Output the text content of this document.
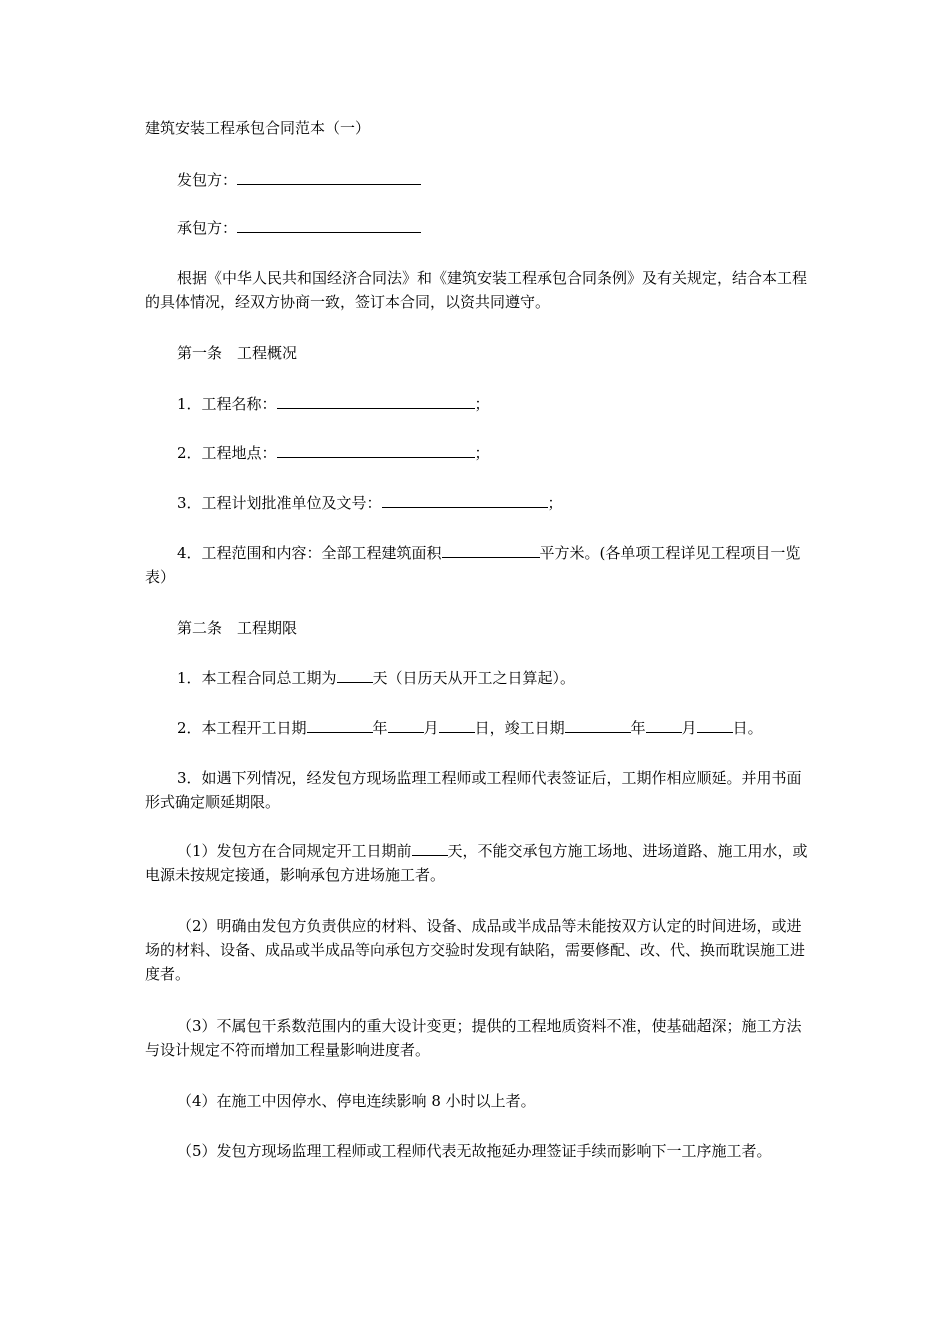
建筑安装工程承包合同范本（一）
发包方：
承包方：
根据《中华人民共和国经济合同法》和《建筑安装工程承包合同条例》及有关规定，结合本工程的具体情况，经双方协商一致，签订本合同，以资共同遵守。
第一条　工程概况
1．工程名称：	；
2．工程地点：	；
3．工程计划批准单位及文号：	；
4．工程范围和内容：全部工程建筑面积	平方米。(各单项工程详见工程项目一览表）
第二条　工程期限
1．本工程合同总工期为 天（日历天从开工之日算起）。
2．本工程开工日期	年 月 日，竣工日期	年 月 日。
3．如遇下列情况，经发包方现场监理工程师或工程师代表签证后，工期作相应顺延。并用书面形式确定顺延期限。
（1）发包方在合同规定开工日期前 天，不能交承包方施工场地、进场道路、施工用水，或电源未按规定接通，影响承包方进场施工者。
（2）明确由发包方负责供应的材料、设备、成品或半成品等未能按双方认定的时间进场，或进场的材料、设备、成品或半成品等向承包方交验时发现有缺陷，需要修配、改、代、换而耽误施工进度者。
（3）不属包干系数范围内的重大设计变更；提供的工程地质资料不准，使基础超深；施工方法与设计规定不符而增加工程量影响进度者。
（4）在施工中因停水、停电连续影响 8 小时以上者。
（5）发包方现场监理工程师或工程师代表无故拖延办理签证手续而影响下一工序施工者。
